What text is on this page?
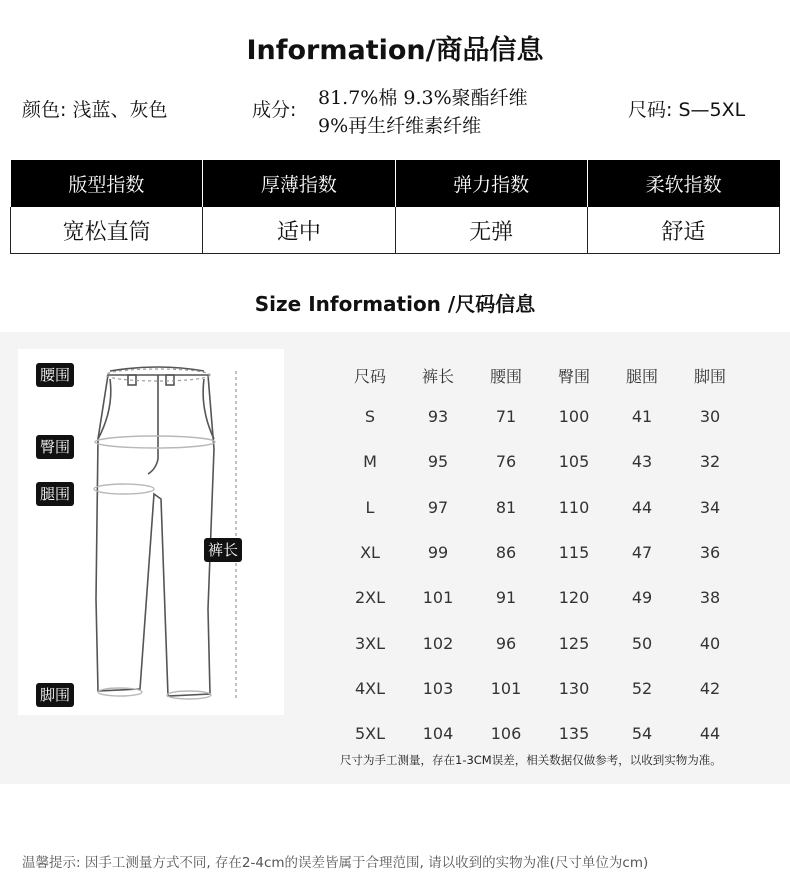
Information/商品信息
颜色: 浅蓝、灰色	成分:
81.7%棉 9.3%聚酯纤维
9%再生纤维素纤维
尺码: S—5XL
版型指数	厚薄指数	弹力指数	柔软指数
宽松直筒	适中	无弹	舒适
Size Information /尺码信息
腰围
臀围
腿围
裤长
脚围
尺码	裤长	腰围	臀围	腿围	脚围
S	93	71	100	41	30
M	95	76	105	43	32
L	97	81	110	44	34
XL	99	86	115	47	36
2XL	101	91	120	49	38
3XL	102	96	125	50	40
4XL	103	101	130	52	42
5XL	104	106	135	54	44
尺寸为手工测量，存在1-3CM误差，相关数据仅做参考，以收到实物为准。
温馨提示: 因手工测量方式不同, 存在2-4cm的误差皆属于合理范围, 请以收到的实物为准(尺寸单位为cm)
